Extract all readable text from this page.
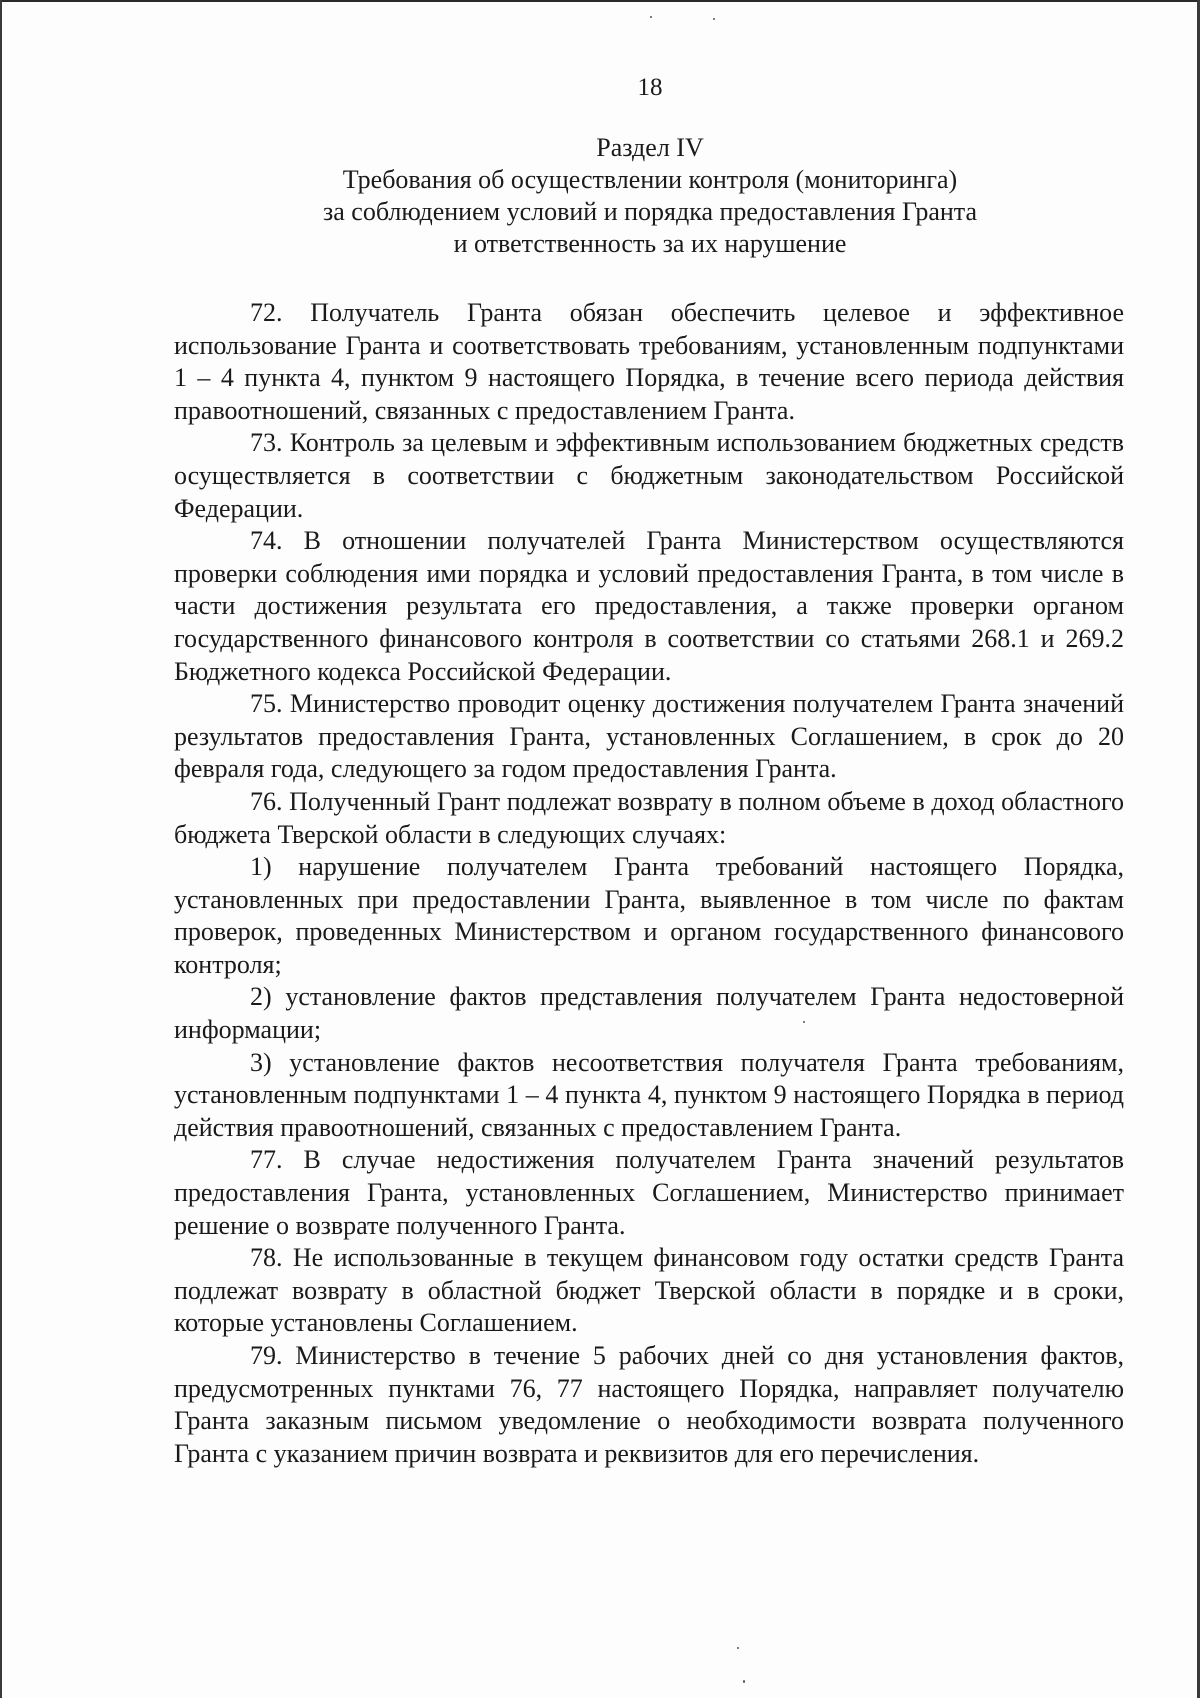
18
Раздел IV
Требования об осуществлении контроля (мониторинга)
за соблюдением условий и порядка предоставления Гранта
и ответственность за их нарушение

72. Получатель Гранта обязан обеспечить целевое и эффективное использование Гранта и соответствовать требованиям, установленным подпунктами 1 – 4 пункта 4, пунктом 9 настоящего Порядка, в течение всего периода действия правоотношений, связанных с предоставлением Гранта.

73. Контроль за целевым и эффективным использованием бюджетных средств осуществляется в соответствии с бюджетным законодательством Российской Федерации.

74. В отношении получателей Гранта Министерством осуществляются проверки соблюдения ими порядка и условий предоставления Гранта, в том числе в части достижения результата его предоставления, а также проверки органом государственного финансового контроля в соответствии со статьями 268.1 и 269.2 Бюджетного кодекса Российской Федерации.

75. Министерство проводит оценку достижения получателем Гранта значений результатов предоставления Гранта, установленных Соглашением, в срок до 20 февраля года, следующего за годом предоставления Гранта.

76. Полученный Грант подлежат возврату в полном объеме в доход областного бюджета Тверской области в следующих случаях:

1) нарушение получателем Гранта требований настоящего Порядка, установленных при предоставлении Гранта, выявленное в том числе по фактам проверок, проведенных Министерством и органом государственного финансового контроля;

2) установление фактов представления получателем Гранта недостоверной информации;

3) установление фактов несоответствия получателя Гранта требованиям, установленным подпунктами 1 – 4 пункта 4, пунктом 9 настоящего Порядка в период действия правоотношений, связанных с предоставлением Гранта.

77. В случае недостижения получателем Гранта значений результатов предоставления Гранта, установленных Соглашением, Министерство принимает решение о возврате полученного Гранта.

78. Не использованные в текущем финансовом году остатки средств Гранта подлежат возврату в областной бюджет Тверской области в порядке и в сроки, которые установлены Соглашением.

79. Министерство в течение 5 рабочих дней со дня установления фактов, предусмотренных пунктами 76, 77 настоящего Порядка, направляет получателю Гранта заказным письмом уведомление о необходимости возврата полученного Гранта с указанием причин возврата и реквизитов для его перечисления.
